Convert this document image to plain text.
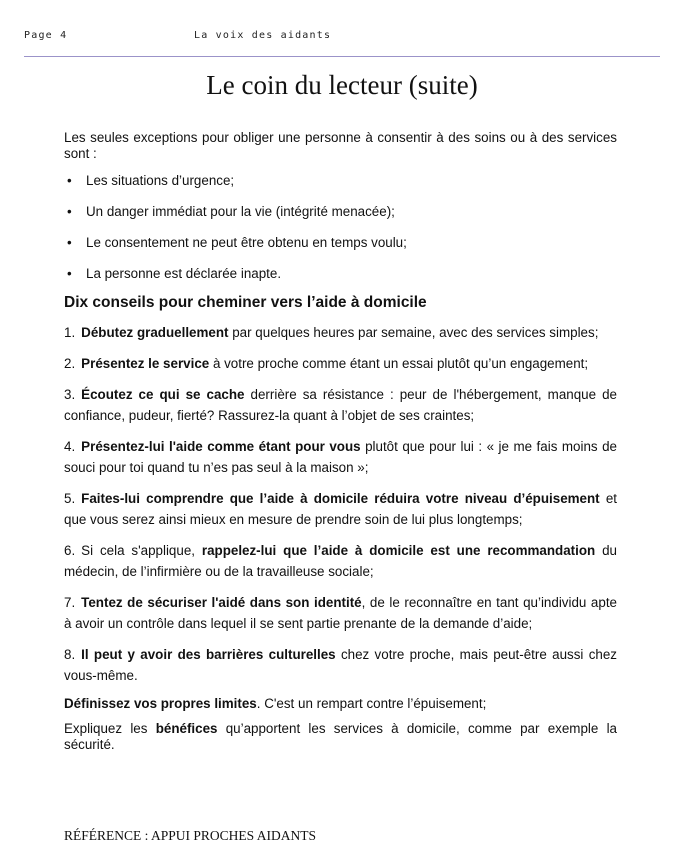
Page 4	La voix des aidants
Le coin du lecteur (suite)

Les seules exceptions pour obliger une personne à consentir à des soins ou à des services sont :

• Les situations d’urgence;
• Un danger immédiat pour la vie (intégrité menacée);
• Le consentement ne peut être obtenu en temps voulu;
• La personne est déclarée inapte.
Dix conseils pour cheminer vers l’aide à domicile

1. Débutez graduellement par quelques heures par semaine, avec des services simples;

2. Présentez le service à votre proche comme étant un essai plutôt qu’un engagement;

3. Écoutez ce qui se cache derrière sa résistance : peur de l'hébergement, manque de confiance, pudeur, fierté? Rassurez-la quant à l’objet de ses craintes;

4. Présentez-lui l'aide comme étant pour vous plutôt que pour lui : « je me fais moins de souci pour toi quand tu n’es pas seul à la maison »;

5. Faites-lui comprendre que l’aide à domicile réduira votre niveau d’épuisement et que vous serez ainsi mieux en mesure de prendre soin de lui plus longtemps;

6. Si cela s'applique, rappelez-lui que l’aide à domicile est une recommandation du médecin, de l’infirmière ou de la travailleuse sociale;

7. Tentez de sécuriser l'aidé dans son identité, de le reconnaître en tant qu’individu apte à avoir un contrôle dans lequel il se sent partie prenante de la demande d’aide;

8. Il peut y avoir des barrières culturelles chez votre proche, mais peut-être aussi chez vous-même.

Définissez vos propres limites. C'est un rempart contre l’épuisement;

Expliquez les bénéfices qu’apportent les services à domicile, comme par exemple la sécurité.

RÉFÉRENCE : APPUI PROCHES AIDANTS
